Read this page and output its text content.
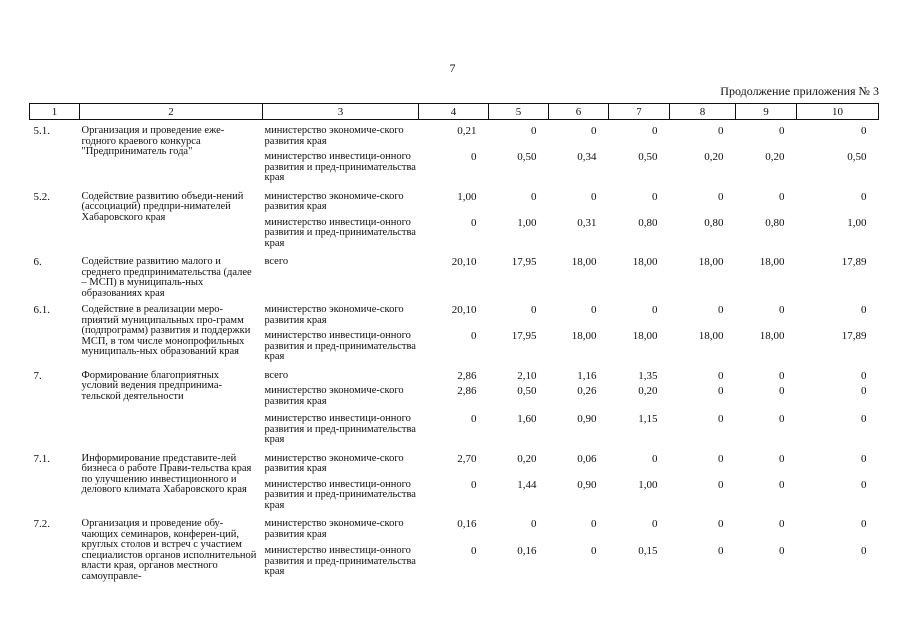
7
Продолжение приложения № 3
1	2	3	4	5	6	7	8	9	10
5.1.	Организация и проведение еже-годного краевого конкурса "Предприниматель года"	министерство экономиче-ского развития края	0,21	0	0	0	0	0	0
		министерство инвестици-онного развития и пред-принимательства края	0	0,50	0,34	0,50	0,20	0,20	0,50
5.2.	Содействие развитию объеди-нений (ассоциаций) предпри-нимателей Хабаровского края	министерство экономиче-ского развития края	1,00	0	0	0	0	0	0
		министерство инвестици-онного развития и пред-принимательства края	0	1,00	0,31	0,80	0,80	0,80	1,00
6.	Содействие развитию малого и среднего предпринимательства (далее – МСП) в муниципаль-ных образованиях края	всего	20,10	17,95	18,00	18,00	18,00	18,00	17,89
6.1.	Содействие в реализации меро-приятий муниципальных про-грамм (подпрограмм) развития и поддержки МСП, в том числе монопрофильных муниципаль-ных образований края	министерство экономиче-ского развития края	20,10	0	0	0	0	0	0
		министерство инвестици-онного развития и пред-принимательства края	0	17,95	18,00	18,00	18,00	18,00	17,89
7.	Формирование благоприятных условий ведения предпринима-тельской деятельности	всего	2,86	2,10	1,16	1,35	0	0	0
		министерство экономиче-ского развития края	2,86	0,50	0,26	0,20	0	0	0
		министерство инвестици-онного развития и пред-принимательства края	0	1,60	0,90	1,15	0	0	0
7.1.	Информирование представите-лей бизнеса о работе Прави-тельства края по улучшению инвестиционного и делового климата Хабаровского края	министерство экономиче-ского развития края	2,70	0,20	0,06	0	0	0	0
		министерство инвестици-онного развития и пред-принимательства края	0	1,44	0,90	1,00	0	0	0
7.2.	Организация и проведение обу-чающих семинаров, конферен-ций, круглых столов и встреч с участием специалистов органов исполнительной власти края, органов местного самоуправле-	министерство экономиче-ского развития края	0,16	0	0	0	0	0	0
		министерство инвестици-онного развития и пред-принимательства края	0	0,16	0	0,15	0	0	0
